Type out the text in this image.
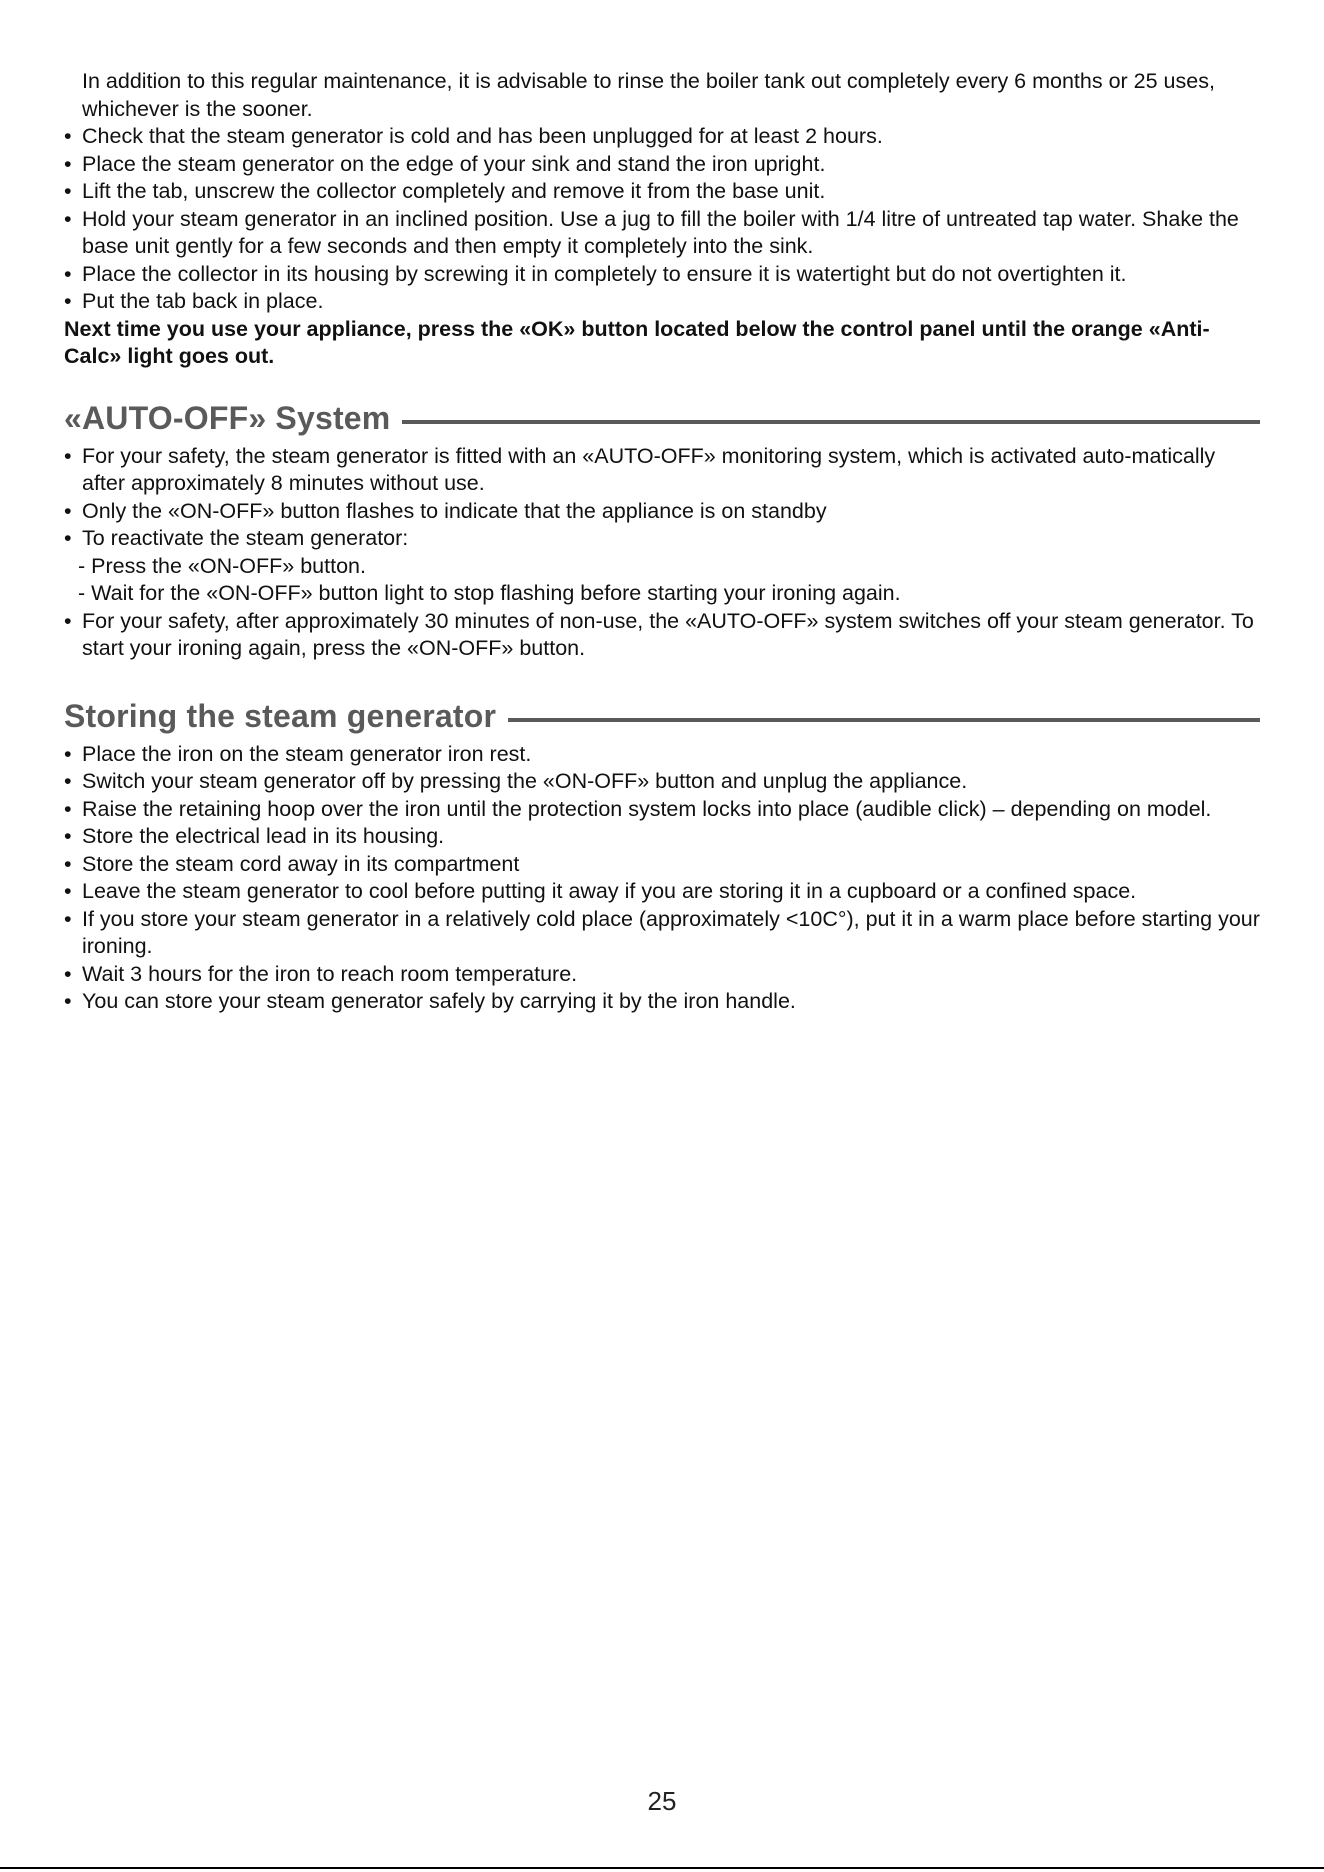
In addition to this regular maintenance, it is advisable to rinse the boiler tank out completely every 6 months or 25 uses, whichever is the sooner.

• Check that the steam generator is cold and has been unplugged for at least 2 hours.
• Place the steam generator on the edge of your sink and stand the iron upright.
• Lift the tab, unscrew the collector completely and remove it from the base unit.
• Hold your steam generator in an inclined position. Use a jug to fill the boiler with 1/4 litre of untreated tap water. Shake the base unit gently for a few seconds and then empty it completely into the sink.
• Place the collector in its housing by screwing it in completely to ensure it is watertight but do not overtighten it.
• Put the tab back in place.

Next time you use your appliance, press the «OK» button located below the control panel until the orange «Anti-Calc» light goes out.

«AUTO-OFF» System
• For your safety, the steam generator is fitted with an «AUTO-OFF» monitoring system, which is activated auto-matically after approximately 8 minutes without use.
• Only the «ON-OFF» button flashes to indicate that the appliance is on standby
• To reactivate the steam generator:
- Press the «ON-OFF» button.
- Wait for the «ON-OFF» button light to stop flashing before starting your ironing again.
• For your safety, after approximately 30 minutes of non-use, the «AUTO-OFF» system switches off your steam generator. To start your ironing again, press the «ON-OFF» button.
Storing the steam generator
• Place the iron on the steam generator iron rest.
• Switch your steam generator off by pressing the «ON-OFF» button and unplug the appliance.
• Raise the retaining hoop over the iron until the protection system locks into place (audible click) – depending on model.
• Store the electrical lead in its housing.
• Store the steam cord away in its compartment
• Leave the steam generator to cool before putting it away if you are storing it in a cupboard or a confined space.
• If you store your steam generator in a relatively cold place (approximately <10C°), put it in a warm place before starting your ironing.
• Wait 3 hours for the iron to reach room temperature.
• You can store your steam generator safely by carrying it by the iron handle.
25
